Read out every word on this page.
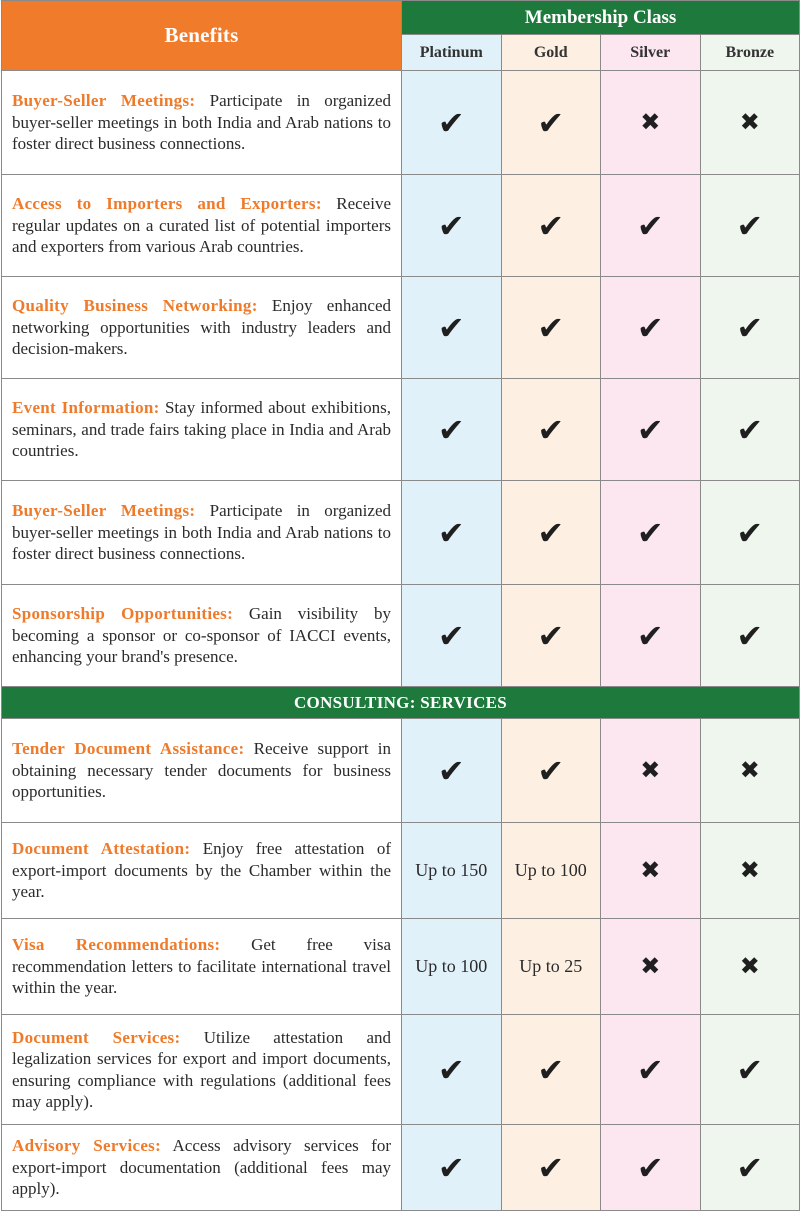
Benefits	Membership Class			
	Platinum	Gold	Silver	Bronze
Buyer-Seller Meetings: Participate in organized buyer-seller meetings in both India and Arab nations to foster direct business connections.	✔	✔	✖	✖
Access to Importers and Exporters: Receive regular updates on a curated list of potential importers and exporters from various Arab countries.	✔	✔	✔	✔
Quality Business Networking: Enjoy enhanced networking opportunities with industry leaders and decision-makers.	✔	✔	✔	✔
Event Information: Stay informed about exhibitions, seminars, and trade fairs taking place in India and Arab countries.	✔	✔	✔	✔
Buyer-Seller Meetings: Participate in organized buyer-seller meetings in both India and Arab nations to foster direct business connections.	✔	✔	✔	✔
Sponsorship Opportunities: Gain visibility by becoming a sponsor or co-sponsor of IACCI events, enhancing your brand's presence.	✔	✔	✔	✔
CONSULTING: SERVICES				
Tender Document Assistance: Receive support in obtaining necessary tender documents for business opportunities.	✔	✔	✖	✖
Document Attestation: Enjoy free attestation of export-import documents by the Chamber within the year.	Up to 150	Up to 100	✖	✖
Visa Recommendations: Get free visa recommendation letters to facilitate international travel within the year.	Up to 100	Up to 25	✖	✖
Document Services: Utilize attestation and legalization services for export and import documents, ensuring compliance with regulations (additional fees may apply).	✔	✔	✔	✔
Advisory Services: Access advisory services for export-import documentation (additional fees may apply).	✔	✔	✔	✔
